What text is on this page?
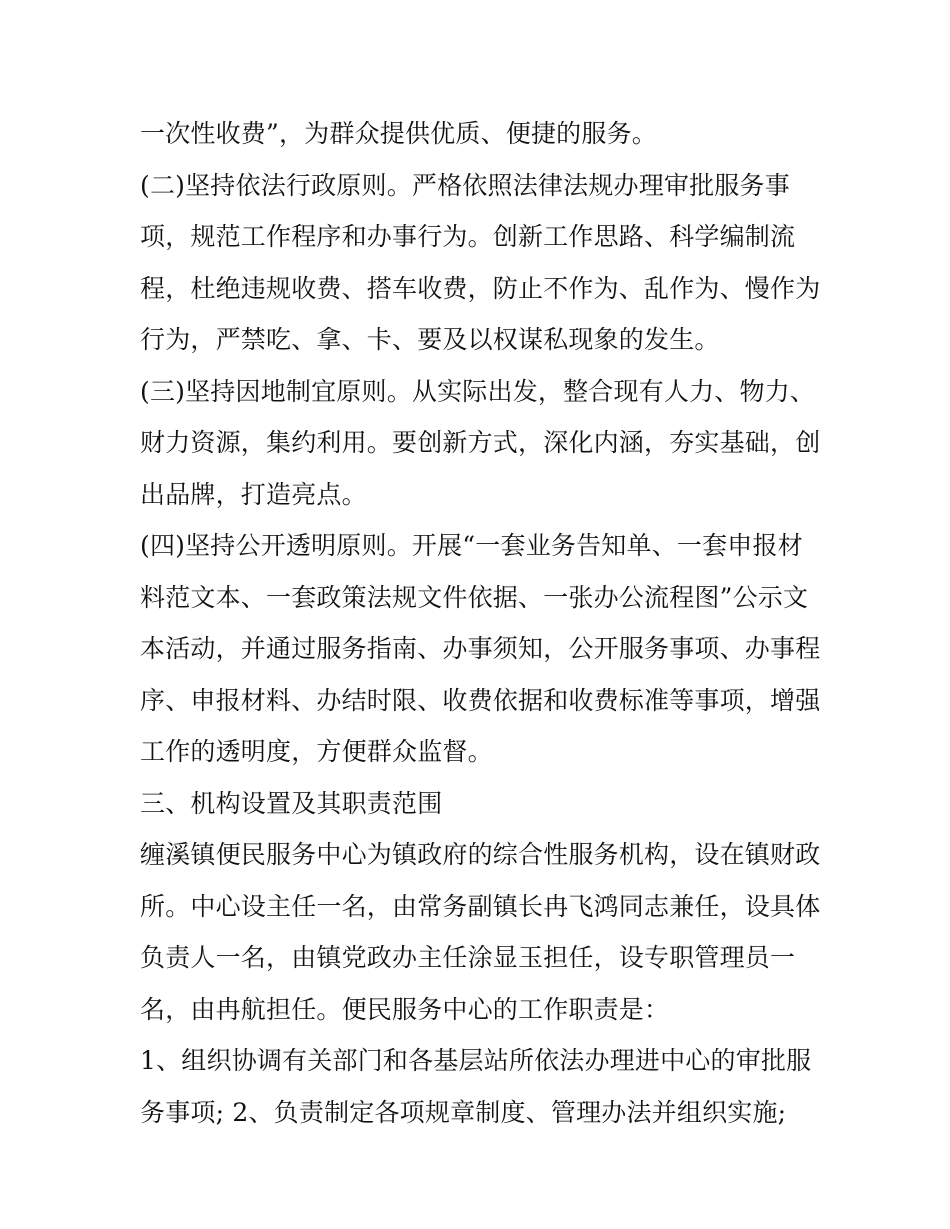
一次性收费”，为群众提供优质、便捷的服务。
(二)坚持依法行政原则。严格依照法律法规办理审批服务事
项，规范工作程序和办事行为。创新工作思路、科学编制流
程，杜绝违规收费、搭车收费，防止不作为、乱作为、慢作为
行为，严禁吃、拿、卡、要及以权谋私现象的发生。
(三)坚持因地制宜原则。从实际出发，整合现有人力、物力、
财力资源，集约利用。要创新方式，深化内涵，夯实基础，创
出品牌，打造亮点。
(四)坚持公开透明原则。开展“一套业务告知单、一套申报材
料范文本、一套政策法规文件依据、一张办公流程图”公示文
本活动，并通过服务指南、办事须知，公开服务事项、办事程
序、申报材料、办结时限、收费依据和收费标准等事项，增强
工作的透明度，方便群众监督。
三、机构设置及其职责范围
缠溪镇便民服务中心为镇政府的综合性服务机构，设在镇财政
所。中心设主任一名，由常务副镇长冉飞鸿同志兼任，设具体
负责人一名，由镇党政办主任涂显玉担任，设专职管理员一
名，由冉航担任。便民服务中心的工作职责是：
1、组织协调有关部门和各基层站所依法办理进中心的审批服
务事项; 2、负责制定各项规章制度、管理办法并组织实施;
